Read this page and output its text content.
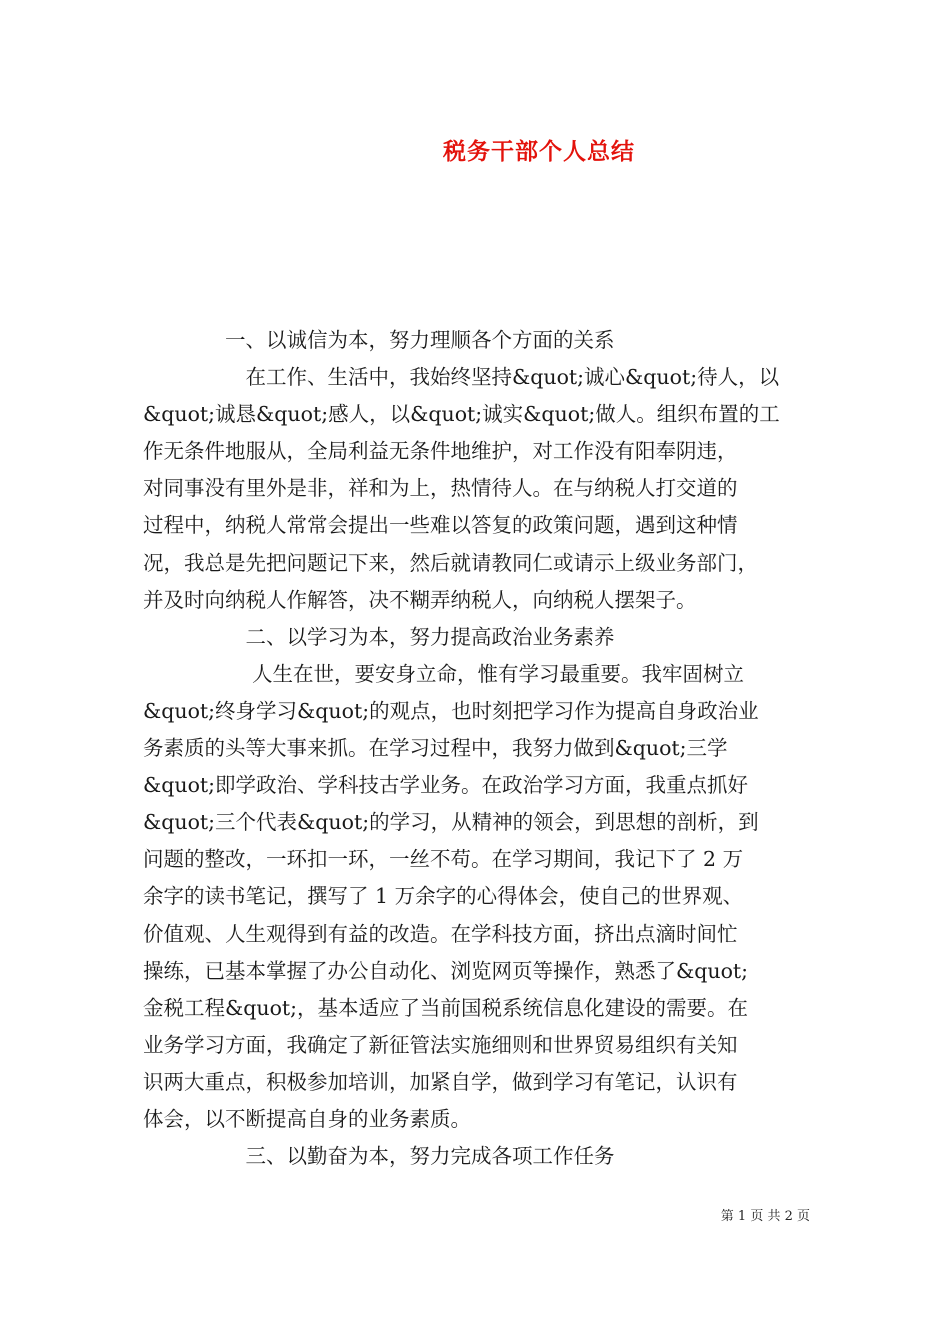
税务干部个人总结
　　　　一、以诚信为本，努力理顺各个方面的关系
　　　　　在工作、生活中，我始终坚持&quot;诚心&quot;待人，以
&quot;诚恳&quot;感人，以&quot;诚实&quot;做人。组织布置的工
作无条件地服从，全局利益无条件地维护，对工作没有阳奉阴违，
对同事没有里外是非，祥和为上，热情待人。在与纳税人打交道的
过程中，纳税人常常会提出一些难以答复的政策问题，遇到这种情
况，我总是先把问题记下来，然后就请教同仁或请示上级业务部门，
并及时向纳税人作解答，决不糊弄纳税人，向纳税人摆架子。
　　　　　二、以学习为本，努力提高政治业务素养
　　　　　 人生在世，要安身立命，惟有学习最重要。我牢固树立
&quot;终身学习&quot;的观点，也时刻把学习作为提高自身政治业
务素质的头等大事来抓。在学习过程中，我努力做到&quot;三学
&quot;即学政治、学科技古学业务。在政治学习方面，我重点抓好
&quot;三个代表&quot;的学习，从精神的领会，到思想的剖析，到
问题的整改，一环扣一环，一丝不苟。在学习期间，我记下了 2 万
余字的读书笔记，撰写了 1 万余字的心得体会，使自己的世界观、
价值观、人生观得到有益的改造。在学科技方面，挤出点滴时间忙
操练，已基本掌握了办公自动化、浏览网页等操作，熟悉了&quot;
金税工程&quot;，基本适应了当前国税系统信息化建设的需要。在
业务学习方面，我确定了新征管法实施细则和世界贸易组织有关知
识两大重点，积极参加培训，加紧自学，做到学习有笔记，认识有
体会，以不断提高自身的业务素质。
　　　　　三、以勤奋为本，努力完成各项工作任务
第 1 页 共 2 页
